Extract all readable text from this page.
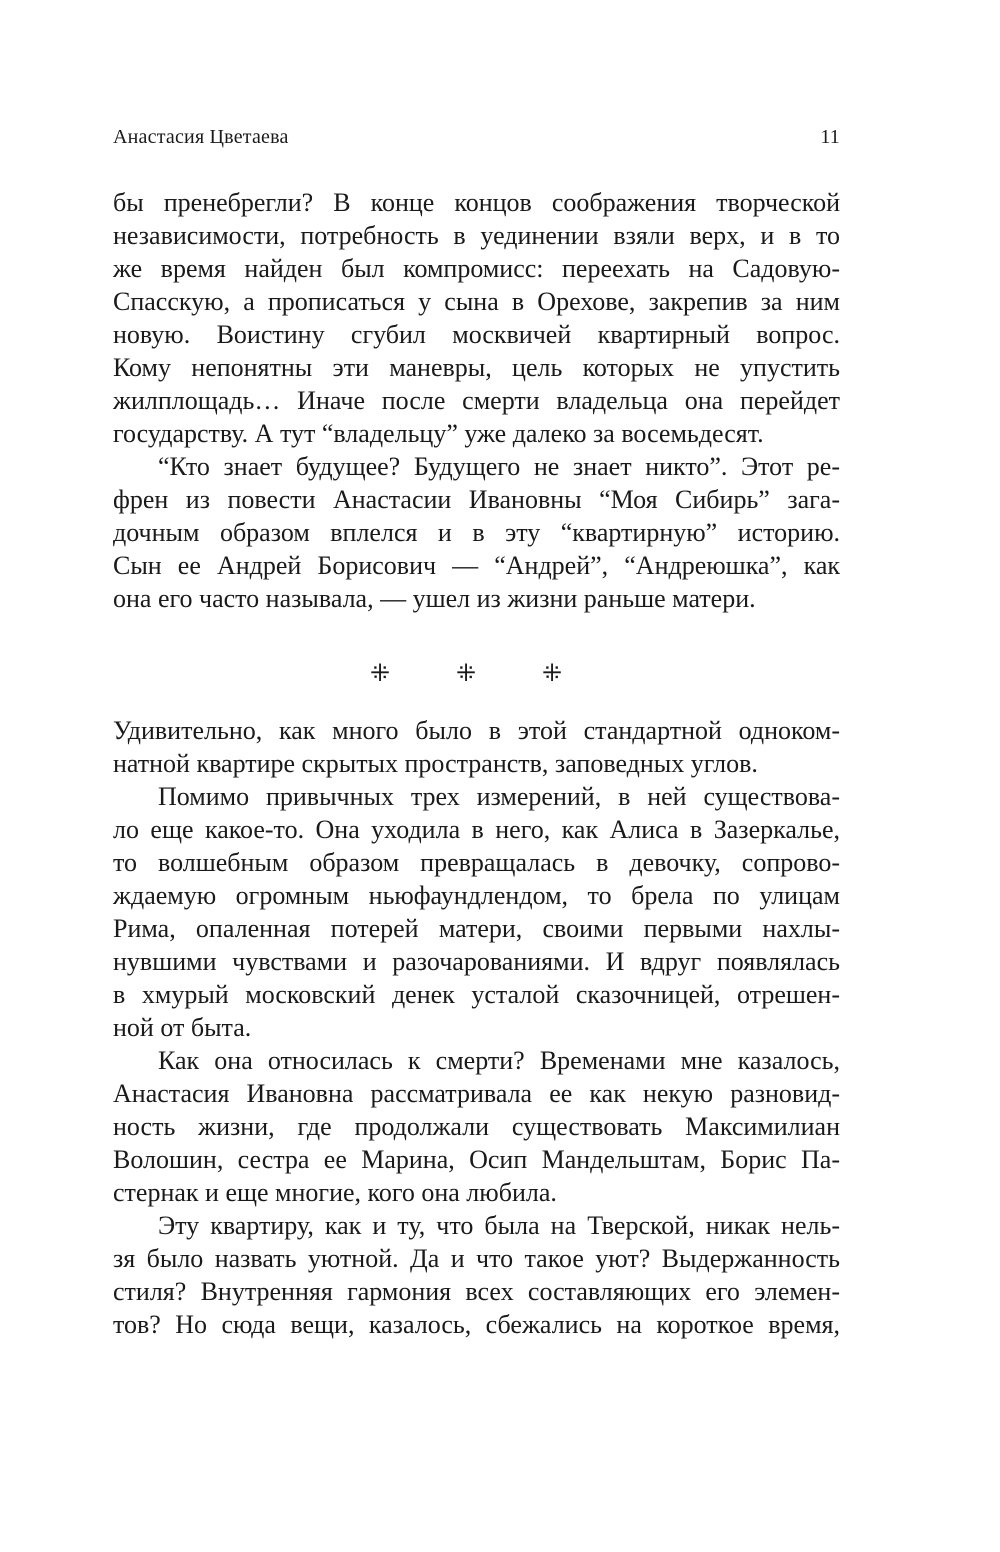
Анастасия Цветаева	11
бы пренебрегли? В конце концов соображения творческой
независимости, потребность в уединении взяли верх, и в то
же время найден был компромисс: переехать на Садовую-
Спасскую, а прописаться у сына в Орехове, закрепив за ним
новую. Воистину сгубил москвичей квартирный вопрос.
Кому непонятны эти маневры, цель которых не упустить
жилплощадь… Иначе после смерти владельца она перейдет
государству. А тут “владельцу” уже далеко за восемьдесят.
“Кто знает будущее? Будущего не знает никто”. Этот ре-
френ из повести Анастасии Ивановны “Моя Сибирь” зага-
дочным образом вплелся и в эту “квартирную” историю.
Сын ее Андрей Борисович — “Андрей”, “Андреюшка”, как
она его часто называла, — ушел из жизни раньше матери.
⁜	⁜	⁜
Удивительно, как много было в этой стандартной одноком-
натной квартире скрытых пространств, заповедных углов.
Помимо привычных трех измерений, в ней существова-
ло еще какое-то. Она уходила в него, как Алиса в Зазеркалье,
то волшебным образом превращалась в девочку, сопрово-
ждаемую огромным ньюфаундлендом, то брела по улицам
Рима, опаленная потерей матери, своими первыми нахлы-
нувшими чувствами и разочарованиями. И вдруг появлялась
в хмурый московский денек усталой сказочницей, отрешен-
ной от быта.
Как она относилась к смерти? Временами мне казалось,
Анастасия Ивановна рассматривала ее как некую разновид-
ность жизни, где продолжали существовать Максимилиан
Волошин, сестра ее Марина, Осип Мандельштам, Борис Па-
стернак и еще многие, кого она любила.
Эту квартиру, как и ту, что была на Тверской, никак нель-
зя было назвать уютной. Да и что такое уют? Выдержанность
стиля? Внутренняя гармония всех составляющих его элемен-
тов? Но сюда вещи, казалось, сбежались на короткое время,
